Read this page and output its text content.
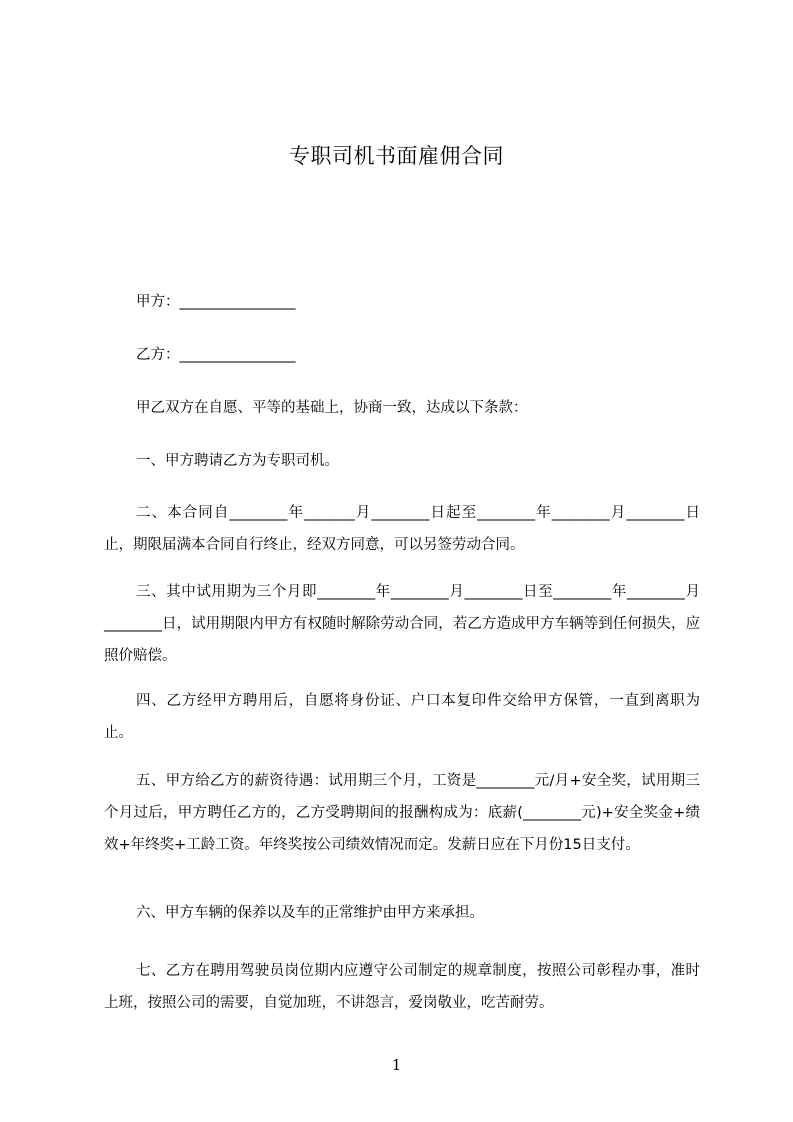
专职司机书面雇佣合同
甲方：________________
乙方：________________
甲乙双方在自愿、平等的基础上，协商一致，达成以下条款：
一、甲方聘请乙方为专职司机。
二、本合同自________年_______月________日起至________年________月________日止，期限届满本合同自行终止，经双方同意，可以另签劳动合同。
三、其中试用期为三个月即________年________月________日至________年________月________日，试用期限内甲方有权随时解除劳动合同，若乙方造成甲方车辆等到任何损失，应照价赔偿。
四、乙方经甲方聘用后，自愿将身份证、户口本复印件交给甲方保管，一直到离职为止。
五、甲方给乙方的薪资待遇：试用期三个月，工资是________元/月+安全奖，试用期三个月过后，甲方聘任乙方的，乙方受聘期间的报酬构成为：底薪(________元)+安全奖金+绩效+年终奖+工龄工资。年终奖按公司绩效情况而定。发薪日应在下月份15日支付。
六、甲方车辆的保养以及车的正常维护由甲方来承担。
七、乙方在聘用驾驶员岗位期内应遵守公司制定的规章制度，按照公司彰程办事，准时上班，按照公司的需要，自觉加班，不讲怨言，爱岗敬业，吃苦耐劳。
1
